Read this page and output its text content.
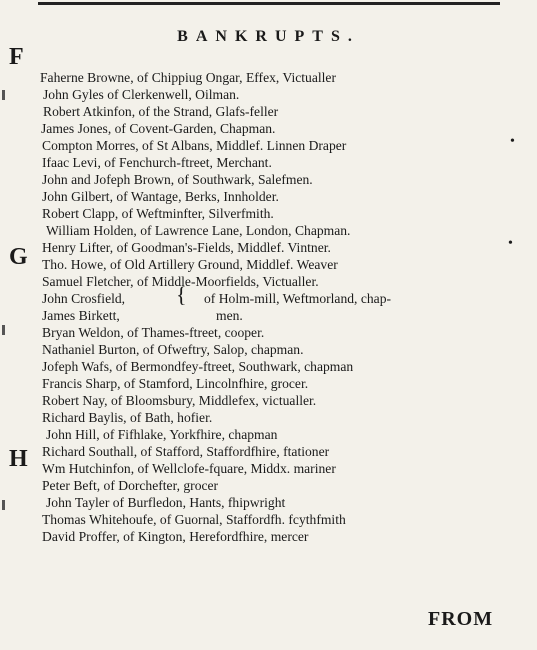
BANKRUPTS.
F
G
H
Faherne Browne, of Chippiug Ongar, Effex, Victualler
John Gyles of Clerkenwell, Oilman.
Robert Atkinfon, of the Strand, Glafs-feller
James Jones, of Covent-Garden, Chapman.
Compton Morres, of St Albans, Middlef. Linnen Draper	•
Ifaac Levi, of Fenchurch-ftreet, Merchant.
John and Jofeph Brown, of Southwark, Salefmen.
John Gilbert, of Wantage, Berks, Innholder.
Robert Clapp, of Weftminfter, Silverfmith.
William Holden, of Lawrence Lane, London, Chapman.
Henry Lifter, of Goodman's-Fields, Middlef. Vintner.	•
Tho. Howe, of Old Artillery Ground, Middlef. Weaver
Samuel Fletcher, of Middle-Moorfields, Victualler.
John Crosfield, { of Holm-mill, Weftmorland, chap-
James Birkett,	men.
Bryan Weldon, of Thames-ftreet, cooper.
Nathaniel Burton, of Ofweftry, Salop, chapman.
Jofeph Wafs, of Bermondfey-ftreet, Southwark, chapman
Francis Sharp, of Stamford, Lincolnfhire, grocer.
Robert Nay, of Bloomsbury, Middlefex, victualler.
Richard Baylis, of Bath, hofier.
John Hill, of Fifhlake, Yorkfhire, chapman
Richard Southall, of Stafford, Staffordfhire, ftationer
Wm Hutchinfon, of Wellclofe-fquare, Middx. mariner
Peter Beft, of Dorchefter, grocer
John Tayler of Burfledon, Hants, fhipwright
Thomas Whitehoufe, of Guornal, Staffordfh. fcythfmith
David Proffer, of Kington, Herefordfhire, mercer
FROM
